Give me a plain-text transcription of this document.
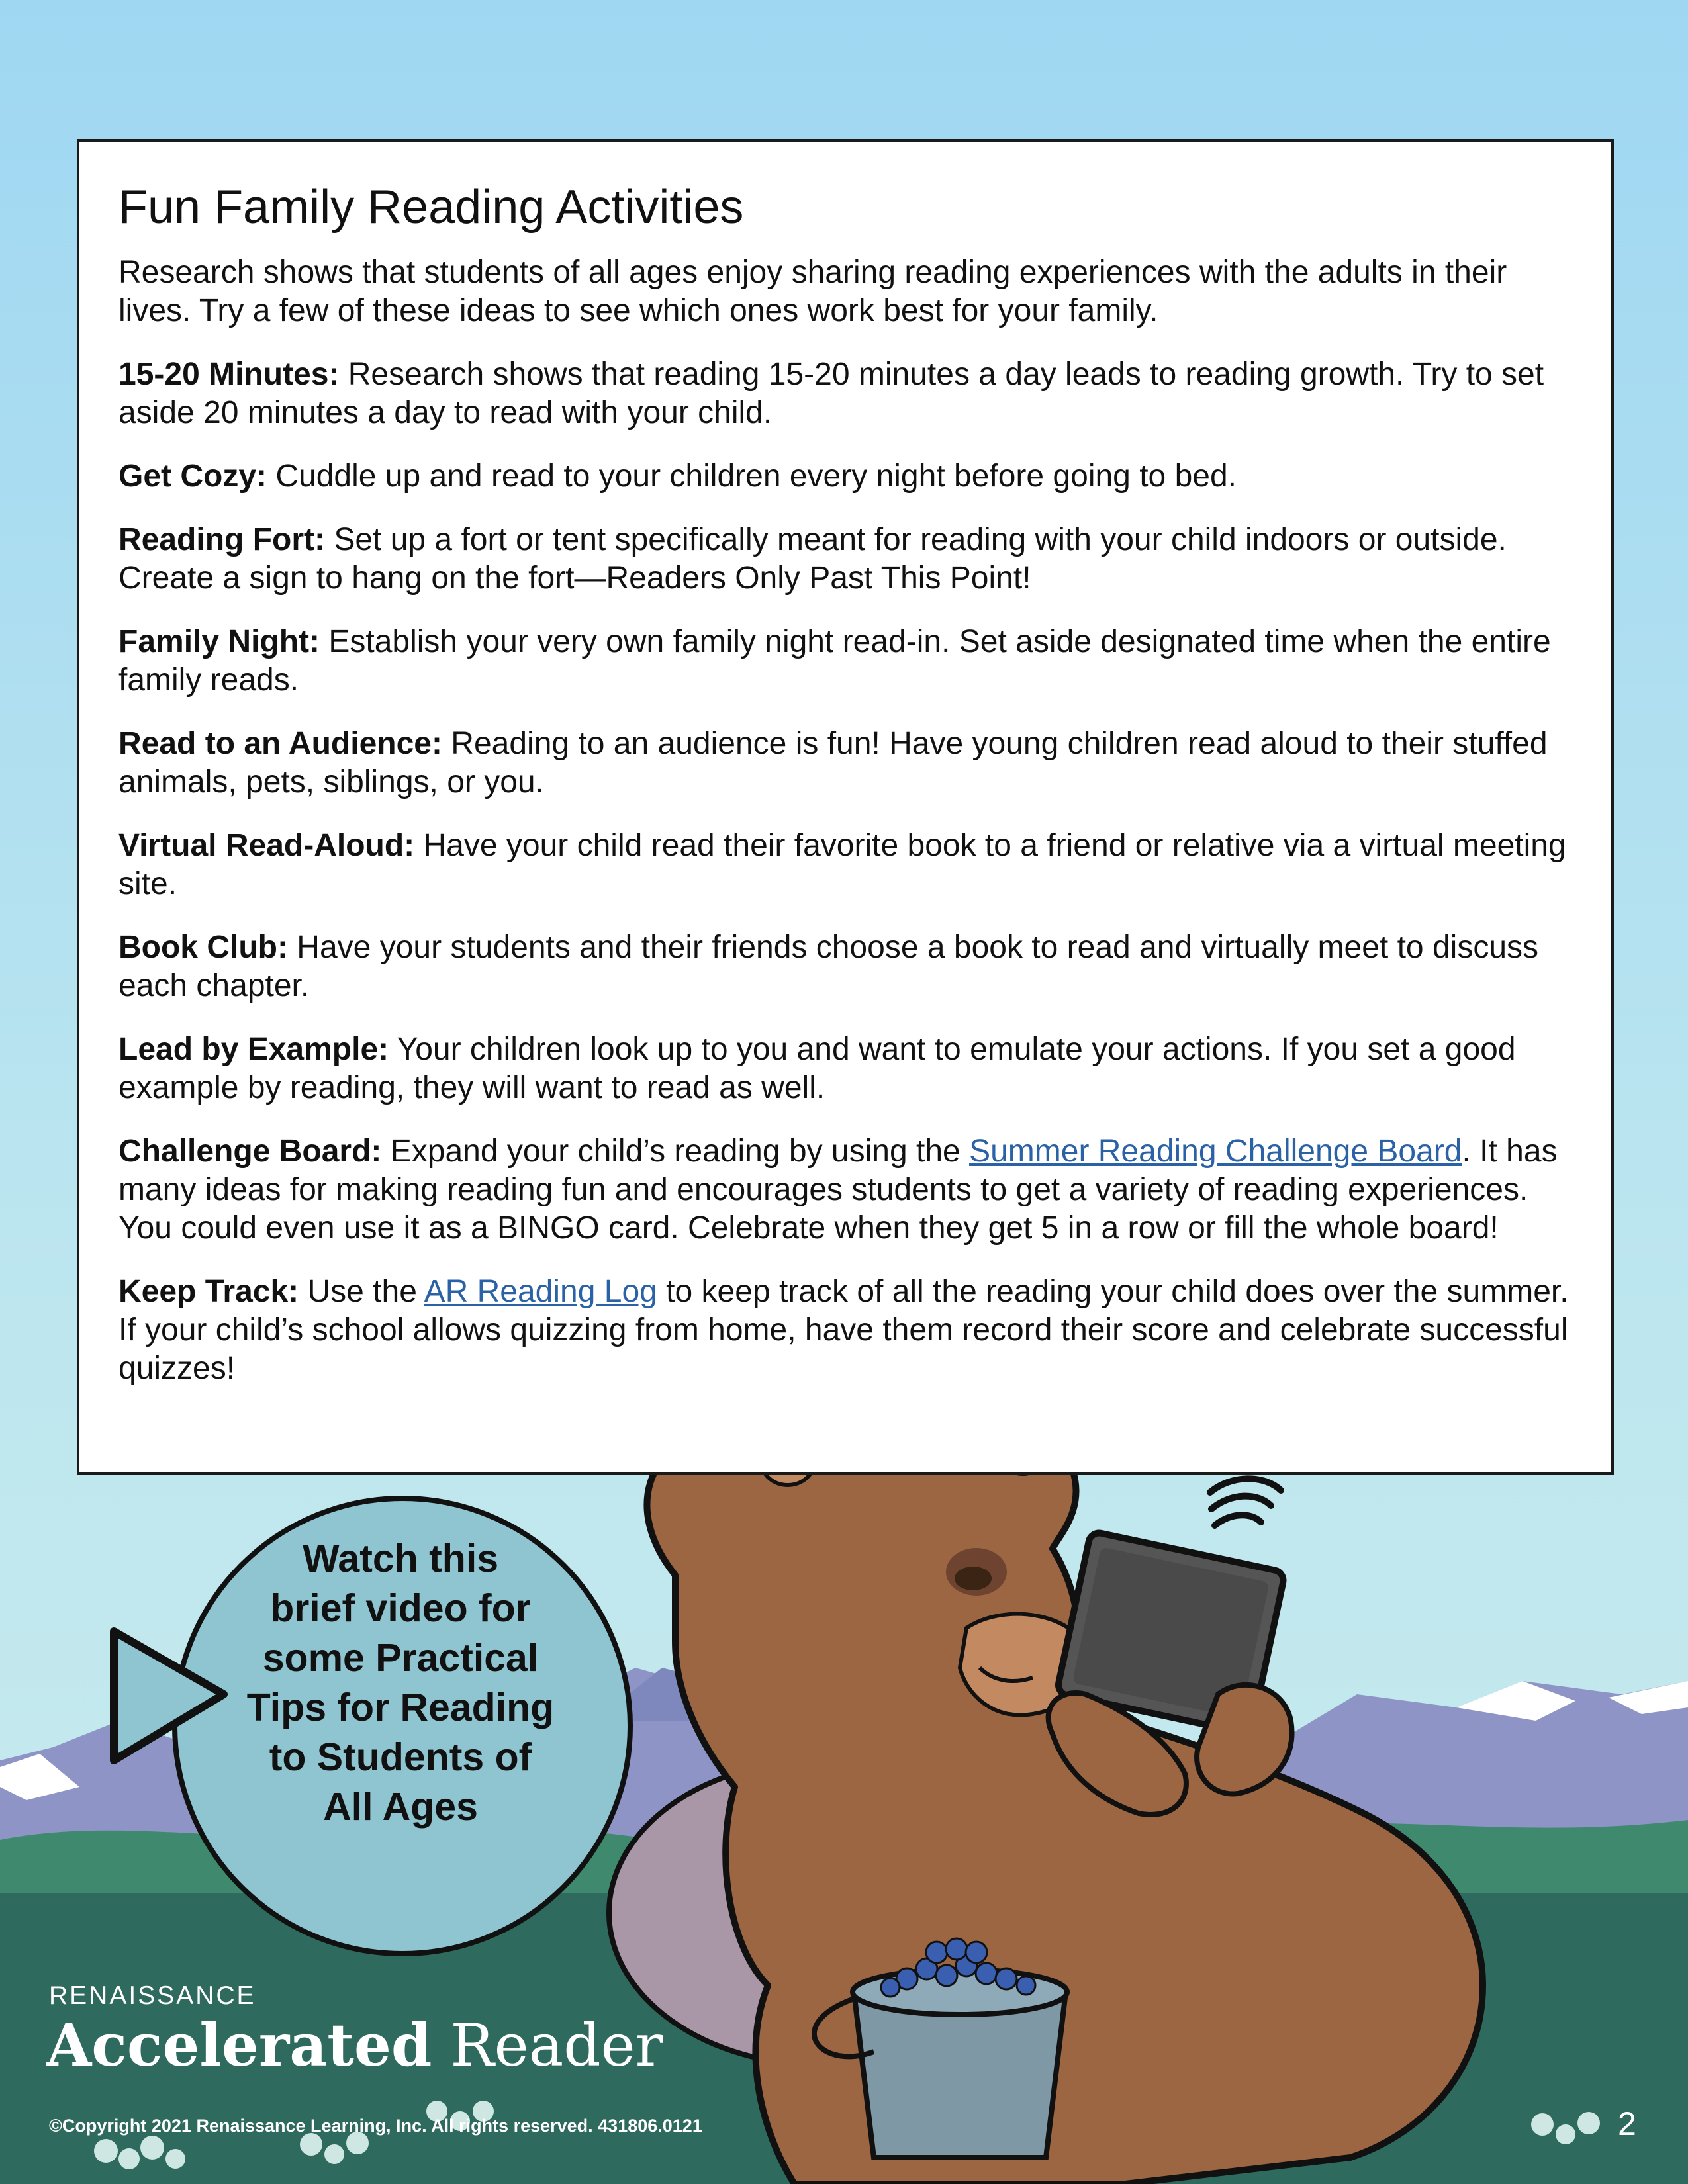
Fun Family Reading Activities

Research shows that students of all ages enjoy sharing reading experiences with the adults in their lives. Try a few of these ideas to see which ones work best for your family.

15-20 Minutes: Research shows that reading 15-20 minutes a day leads to reading growth. Try to set aside 20 minutes a day to read with your child.

Get Cozy: Cuddle up and read to your children every night before going to bed.

Reading Fort: Set up a fort or tent specifically meant for reading with your child indoors or outside. Create a sign to hang on the fort—Readers Only Past This Point!

Family Night: Establish your very own family night read-in. Set aside designated time when the entire family reads.

Read to an Audience: Reading to an audience is fun! Have young children read aloud to their stuffed animals, pets, siblings, or you.

Virtual Read-Aloud: Have your child read their favorite book to a friend or relative via a virtual meeting site.

Book Club: Have your students and their friends choose a book to read and virtually meet to discuss each chapter.

Lead by Example: Your children look up to you and want to emulate your actions. If you set a good example by reading, they will want to read as well.

Challenge Board: Expand your child’s reading by using the Summer Reading Challenge Board. It has many ideas for making reading fun and encourages students to get a variety of reading experiences. You could even use it as a BINGO card. Celebrate when they get 5 in a row or fill the whole board!

Keep Track: Use the AR Reading Log to keep track of all the reading your child does over the summer. If your child’s school allows quizzing from home, have them record their score and celebrate successful quizzes!

Watch this
brief video for
some Practical
Tips for Reading
to Students of
All Ages
RENAISSANCE
Accelerated Reader
©Copyright 2021 Renaissance Learning, Inc. All rights reserved. 431806.0121	2
